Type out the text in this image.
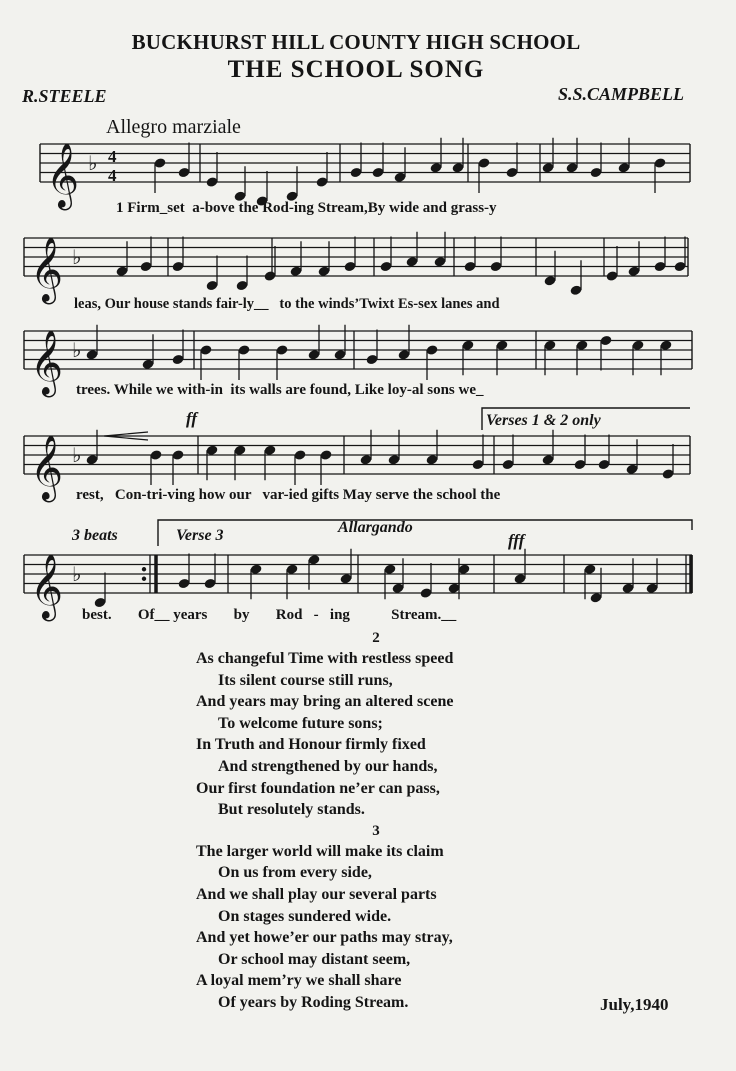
BUCKHURST HILL COUNTY HIGH SCHOOL
THE SCHOOL SONG
R.STEELE	S.S.CAMPBELL
Allegro marziale
𝄞 ♭ 4
4
𝄞 ♭
𝄞 ♭
𝄞 ♭
𝄞 ♭
1 Firm_set  a-bove the Rod-ing Stream,By wide and grass-y
leas, Our house stands fair-ly__   to the winds’Twixt Es-sex lanes and
trees. While we with-in  its walls are found, Like loy-al sons we_
rest,   Con-tri-ving how our   var-ied gifts May serve the school the
best.       Of__ years       by       Rod   -   ing           Stream.__
ff	Verses 1 & 2 only
3 beats	Verse 3	Allargando
fff
2
As changeful Time with restless speed
Its silent course still runs,
And years may bring an altered scene
To welcome future sons;
In Truth and Honour firmly fixed
And strengthened by our hands,
Our first foundation ne’er can pass,
But resolutely stands.
3
The larger world will make its claim
On us from every side,
And we shall play our several parts
On stages sundered wide.
And yet howe’er our paths may stray,
Or school may distant seem,
A loyal mem’ry we shall share
Of years by Roding Stream.	July,1940
